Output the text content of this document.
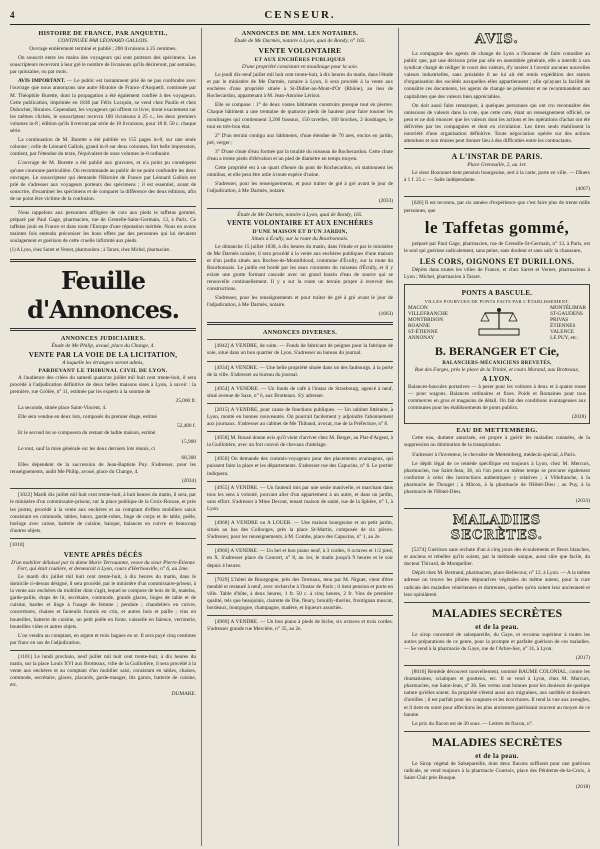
4	CENSEUR.
HISTOIRE DE FRANCE, PAR ANQUETIL,
CONTINUÉE PAR LÉONARD GALLOIS.

Ouvrage entièrement terminé et publié ; 200 livraisons à 25 centimes.

On souscrit entre les mains des voyageurs qui sont porteurs des spécimens. Les souscripteurs recevront à leur gré le nombre de livraisons qu'ils désireront, par semaine, par quinzaine, ou par mois.

AVIS IMPORTANT. — Le public est instamment prié de ne pas confondre avec l'ouvrage que nous annonçons une autre Histoire de France d'Anquetil, continuée par M. Théophile Burette, dont la propagation a été également confiée à des voyageurs. Cette publication, imprimée en 1836 par Félix Locquin, se vend chez Paulin et chez Dubochet, libraires. Cependant, les voyageurs qui offrent ce livre, tirent exactement sur les mêmes clichés, le souscripteur recevra 100 livraisons à 25 c., les deux premiers volumes in-8 ; édition qu'ils livreront par série de 10 livraisons, pour 18 fr. 50 c. chaque série.

La continuation de M. Burette a été publiée en 155 pages in-8, sur une seule colonne ; celle de Léonard Gallois, grand in-8 sur deux colonnes, fort belle impression, contient, par l'étendue du texte, l'équivalent de onze volumes in-8 ordinaire.

L'ouvrage de M. Burette a été publié aux gravures, et n'a point pu conséquent qu'une couronne particulière. On recommande au public de ne point confondre les deux ouvrages. Le souscripteur qui demande l'Histoire de France par Léonard Gallois est prié de s'adresser aux voyageurs porteurs des spécimens ; il est essentiel, avant de souscrire, d'examiner les spécimens et de comparer la différence des deux éditions, afin de ne point être victime de la confusion.

Nous rappelons aux personnes affligées de cors aux pieds le taffetas gommé, préparé par Paul Gage, pharmacien, rue de Grenelle-Saint-Germain, 13, à Paris. Ce taffetas jouit en France et dans toute l'Europe d'une réputation méritée. Nous en avons maintes fois entendu préconiser les bons effets par des personnes qui lui devaient soulagement et guérison de cette cruelle infirmité aux pieds.

(1) A Lyon, chez Sarret et Vernet, pharmaciens ; à Tarare, chez Michel, pharmacien.

Feuille d'Annonces.
ANNONCES JUDICIAIRES.
Étude de Me Philip, avoué, place du Change, 4.
VENTE PAR LA VOIE DE LA LICITATION,
A laquelle les étrangers seront admis,
PARDEVANT LE TRIBUNAL CIVIL DE LYON.

A l'audience des criées du samedi quatorze juillet mil huit cent trente-huit, il sera procédé à l'adjudication définitive de deux belles maisons sises à Lyon, à savoir : la première, rue Grôlée, n° 11, estimée par les experts à la somme de

25,000 fr.

La seconde, située place Saint-Vincent, 4.

Elle sera vendue en deux lots, composés du premier étage, estimé

52,400 f.

Et le second lot se composera du restant de ladite maison, estimé

15,900

Le tout, sauf la mise générale sur les deux derniers lots réunis, ci

68,300

Elles dépendent de la succession de Jean-Baptiste Puy. S'adresser, pour les renseignements, audit Me Philip, avoué, place du Change, 4.

(2034)

[1022] Mardi dix juillet mil huit cent trente-huit, à huit heures du matin, il sera, par le ministère d'un commissaire-priseur, sur la place publique de la Croix-Rousse, et près les portes, procédé à la vente aux enchères et au comptant d'effets mobiliers saisis consistant en commode, tables, bancs, garde-robes, linge de corps et de table, poêle, horloge avec caisse, batterie de cuisine, banque, balances en cuivre et beaucoup d'autres objets.

[1010]
VENTE APRÈS DÉCÈS
D'un mobilier délaissé par la dame Marie Terrouanne, veuve du sieur Pierre-Étienne Fort, qui était coutière, et demeurait à Lyon, cours d'Herbouville, n° 6, au 2me.

Le mardi dix juillet mil huit cent trente-huit, à dix heures du matin, dans le domicile ci-dessus désigné, il sera procédé, par le ministère d'un commissaire-priseur, à la vente aux enchères du mobilier dont s'agit, lequel se compose de bois de lit, matelas, garde-paille, draps de lit, secrétaire, commode, grands glaces, linges de table et de cuisine, hardes et linge à l'usage de femme ; pendule ; chandeliers en cuivre, couvertures, chaises et fauteuils fournis en crin, et autres bois et paille ; vins en bouteilles, batterie de cuisine, un petit poêle en fonte, vaisselle en faïence, verroterie, bouteilles vides et autres objets.

L'on vendra au comptant, en argent et trois bagues en or. Il sera payé cinq centimes par franc en sus de l'adjudication.

[1101] Le lundi prochain, neuf juillet mil huit cent trente-huit, à dix heures du matin, sur la place Louis XVI aux Brotteaux, ville de la Guillotière, il sera procédé à la vente aux enchères et au comptant d'un mobilier saisi, consistant en tables, chaises, commode, secrétaire, glaces, placards, garde-manger, lits garnis, batterie de cuisine, etc.

DUMARE.

ANNONCES DE MM. LES NOTAIRES.
Étude de Me Darmès, notaire à Lyon, quai de Bondy, n° 165.
VENTE VOLONTAIRE
ET AUX ENCHÈRES PUBLIQUES
D'une propriété consistant en moulinage pour la soie.

Le jeudi dix-neuf juillet mil huit cent trente-huit, à dix heures du matin, dans l'étude et par le ministère de Me Darmès, notaire à Lyon, il sera procédé à la vente aux enchères d'une propriété située à St-Didier-au-Mont-d'Or (Rhône), au lieu de Rochecardon, appartenant à M. Jean-Antoine Lérisot.

Elle se compose : 1° de deux vastes bâtiments construits presque tout en pierres. Chaque bâtiment a une trentaine de quatorze pieds de hauteur pour faire tourner les moulinages qui contiennent 3,200 fuseaux, 150 tavelles, 160 broches, 2 doublages, le tout en très-bon état.

2° D'un terrain contigu aux bâtiments, d'une étendue de 70 ares, enclos en jardin, pré, verger ;

3° D'une chute d'eau formée par la totalité du ruisseau de Rochecardon. Cette chute d'eau a trente pieds d'élévation et un pied de diamètre en temps moyen.

Cette propriété est à un quart d'heure du pont de Rochecardon, où stationnent les omnibus, et elle peut être utile à toute espèce d'usine.

S'adresser, pour les renseignements, et pour traiter de gré à gré avant le jour de l'adjudication, à Me Darmès, notaire.

(2033)
Étude de Me Darmès, notaire à Lyon, quai de Bondy, 165.
VENTE VOLONTAIRE ET AUX ENCHÈRES
D'UNE MAISON ET D'UN JARDIN,
Situés à Écully, sur la route du Bourbonnais.

Le dimanche 15 juillet 1838, à dix heures du matin, dans l'étude et par le ministère de Me Darmès notaire, il sera procédé à la vente aux enchères publiques d'une maison et d'un jardin situés aux Roches-de-Montribloud, commune d'Écully, sur la route du Bourbonnais. Le jardin est bordé par les eaux courantes du ruisseau d'Écully, et il y existe une grotte formant cascade avec un grand bassin d'eau de source qui se renouvelle continuellement. Il y a sur la route un terrain propre à recevoir des constructions.

S'adresser, pour les renseignements et pour traiter de gré à gré avant le jour de l'adjudication, à Me Darmès, notaire.

(1663)
ANNONCES DIVERSES.

[4942] A VENDRE, de suite. — Fonds de fabricant de peignes pour la fabrique de soie, situé dans un bon quartier de Lyon. S'adresser au bureau du journal.

[4934] A VENDRE. — Une belle propriété située dans un des faubourgs, à la porte de la ville. S'adresser au bureau du journal.

[4954] A VENDRE. — Un fonds de café à l'instar de Strasbourg, agencé à neuf, situé avenue de Saxe, n° 6, aux Brotteaux. S'y adresser.

[2015] A VENDRE, pour cause de fonctions publiques. — Un cabinet littéraire, à Lyon, monté en bonnes nouveautés. On pourrait facilement y adjoindre l'abonnement aux journaux. S'adresser au cabinet de Me Thibaud, avocat, rue de la Préfecture, n° 8.

[4958] M. Rousé donne avis qu'il vient d'arriver chez M. Berger, au Plat-d'Argent, à la Guillotière, avec un fort convoi de chevaux d'attelage.

[4956] On demande des commis-voyageurs pour des placements avantageux, qui puissent faire la place et les départements. S'adresser rue des Capucins, n° 6. Le portier indiquera.

[4955] A VENDRE. — Un fauteuil mis par une seule manivelle, et marchant dans tous les sens à volonté, pouvant aller d'un appartement à un autre, et dans un jardin, sans effort. S'adresser à Mme Decour, tenant maison de santé, rue de la Sphère, n° 1, à Lyon.

[4968] A VENDRE ou A LOUER. — Une maison bourgeoise et un petit jardin, situés au bas des Collonges, près la place St-Martin, composée de six pièces. S'adresser, pour les renseignements, à M. Combe, place des Capucins, n° 1, au 2e.

[4966] A VENDRE. — Un bel et bon piano neuf, à 3 cordes, 6 octaves et 1/2 pied, en X. S'adresser place du Concert, n° 8, au 1er, le matin jusqu'à 9 heures et le soir depuis 4 heures.

[7029] L'hôtel de Bourgogne, près des Terreaux, tenu par M. Niguet, vient d'être meublé et restauré à neuf, avec recherche à l'instar de Paris ; il tient pension et porte en ville. Table d'hôte, à deux heures, 1 fr. 50 c. à cinq heures, 2 fr. Vins de première qualité, tels que beaujolais, clairette de Die, fleury, brouilly-thorins, frontignan muscat, bordeaux, bourgogne, champagne, madère, et liqueurs assorties.

[4969] A VENDRE. — Un bon piano à pieds de biche, six octaves et trois cordes. S'adresser grande rue Mercière, n° 35, au 2e.

AVIS.

La compagnie des agents de change de Lyon a l'honneur de faire connaître au public que, par une décision prise par elle en assemblée générale, elle a interdit à son syndicat chargé de rédiger le cours des valeurs, d'y insérer à l'avenir aucunes nouvelles valeurs industrielles, sans préalable il ne lui ait été remis expédition des statuts d'organisation des sociétés auxquelles elles appartiennent ; afin qu'ayant la facilité de connaître ces documents, les agents de change ne présentent et ne recommandent aux capitalistes que des valeurs bien appréciables.

On doit aussi faire remarquer, à quelques personnes qui ont cru reconnaître des omissions de valeurs dans la cote, que cette cote, étant un renseignement officiel, ne peut et ne doit énoncer que les valeurs dont les actions et les opérations d'achat ont été délivrées par les compagnies et dont en circulation. Les titres seuls établissent la notoriété d'une organisation définitive. Toute négociation opérée sur des actions attendues et non émises peut donner lieu à des difficultés entre les contractants.

A L'INSTAR DE PARIS.
Place Grenouille, 2, au 1er.

Le sieur Bozonnet tient pension bourgeoise, sert à la carte, porte en ville. — Dîners à 1 f. 25 c. — Salle indépendante.

(4067)

[626] Il est reconnu, par six années d'expérience que c'est faire plus de trente mille personnes, que

le Taffetas gommé,

préparé par Paul Gage, pharmacien, rue de Grenelle-St-Germain, n° 13, à Paris, est le seul qui guérisse radicalement, sans peine, sans douleur et sans salir la chaussure,

LES CORS, OIGNONS ET DURILLONS.

Dépôts dans toutes les villes de France, et chez Sarret et Vernet, pharmaciens à Lyon ; Michel, pharmacien à Tarare.

PONTS A BASCULE.
VILLES POURVUES DE PONTS FAITS PAR L'ÉTABLISSEMENT.
MACON
VILLEFRANCHE
MONTBRISON
ROANNE
ST-ÉTIENNE
ANNONAY
MONTÉLIMAR
ST-GAUDENS
PRIVAS
ÉTIENNES
VALENCE
LE PUY, etc.
B. BERANGER ET Cie,
BALANCIERS-MÉCANICIENS BREVETÉS,
Rue des Farges, près le place de la Trinité, et cours Morand, aux Brotteaux,
A LYON.

Balances-bascules portatives — à peser pour les voitures à deux et à quatre roues — pour wagons. Balances ordinaires et fixes. Poids et Romaines pour tous commerces en gros et magasins de détail. On fait des conditions avantageuses aux communes pour les établissements de ponts publics.

(2028)
EAU DE METTEMBERG.

Cette eau, dument autorisée, est propre à guérir les maladies cutanées, de la suppression ou diminution de la transpiration.

S'adresser à l'inventeur, le chevalier de Mettemberg, médecin spécial, à Paris.

Le dépôt légal de ce remède spécifique est toujours à Lyon, chez M. Mercurs, pharmacien, rue Saint-Jean, 36, où l'on peut en même temps se procurer également conforme à celui des instructions authentiques y relatives ; à Villefranche, à la pharmacie de Thouget ; à Mâcon, à la pharmacie de l'Hôtel-Dieu ; au Puy, à la pharmacie de l'Hôtel-Dieu.

(2033)
MALADIES SECRÈTES.

[5274] Guérison sans rechute d'un à cinq jours des écoulements et fleurs blanches, et anciens et rebelles qu'ils soient, par la méthode unique, aussi sûre que facile, du docteur Thivard, de Montpellier.

Dépôt chez M. Bertrand, pharmacien, place Bellecour, n° 12, à Lyon. — A la même adresse on trouve les pilules dépuratives végétales du même auteur, pour la cure radicale des maladies vénériennes et dartreuses, quelles qu'en soient leur ancienneté et leur opiniâtreté.

MALADIES SECRÈTES
et de la peau.

Le sirop concentré de salsepareille, du Gaye, et reconnu supérieur à toutes les autres préparations de ce genre, pour la prompte et parfaite guérison de ces maladies. — Se vend à la pharmacie du Gaye, rue de l'Arbre-Sec, n° 31, à Lyon.

(2017)

[8016] Remède découvert nouvellement, nommé BAUME COLONIAL, contre les rhumatismes, sciatiques et goutteux, etc. Il se vend à Lyon, chez M. Marcurs, pharmacien, rue Saint-Jean, n° 36. Ses vertus sont bonnes pour les douleurs de quelque nature qu'elles soient. Sa propriété s'étend aussi aux migraines, aux surdités et douleurs d'oreilles ; il est parfait pour les coupures et les écorchures. Il rend la vue aux aveugles, et il tient en outre pour affections les plus anciennes guérissant souvent au moyen de ce baume.

Le prix du flacon est de 30 sous. — Lettres de flacon, n°.

MALADIES SECRÈTES
et de la peau.

Le Sirop végétal de Salsepareille, dont deux flacons suffisent pour une guérison radicale, se vend toujours à la pharmacie Courtois, place des Pénitents-de-la-Croix, à Saint-Clair près Bouque.

(2018)
